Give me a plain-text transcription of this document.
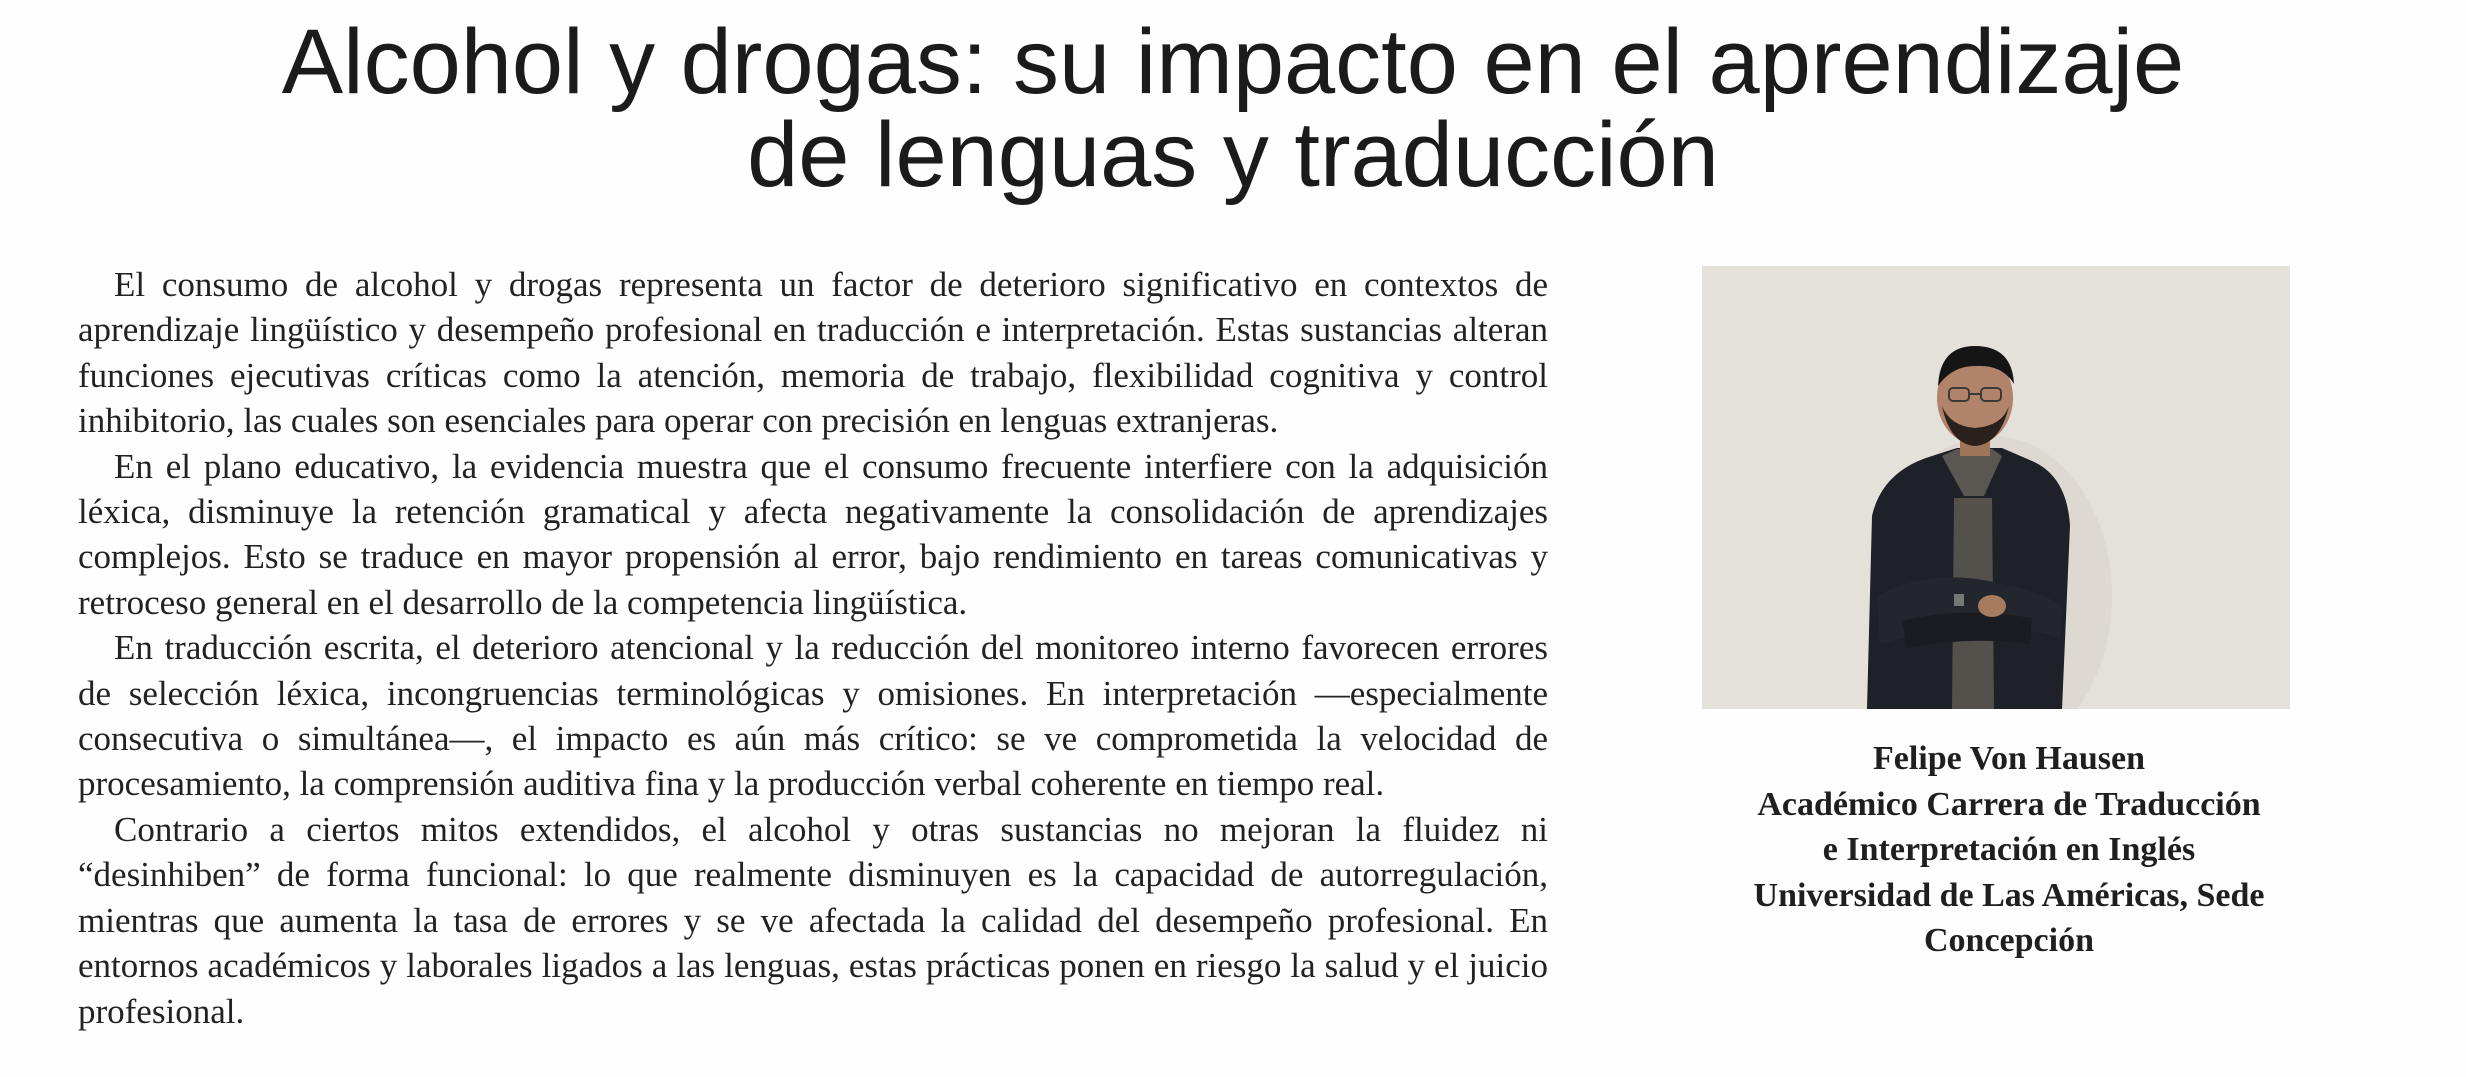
Alcohol y drogas: su impacto en el aprendizaje
de lenguas y traducción

El consumo de alcohol y drogas representa un factor de deterioro significativo en contextos de aprendizaje lingüístico y desempeño profesional en traducción e interpretación. Estas sustancias alteran funciones ejecutivas críticas como la atención, memoria de trabajo, flexibilidad cognitiva y control inhibitorio, las cuales son esenciales para operar con precisión en lenguas extranjeras.

En el plano educativo, la evidencia muestra que el consumo frecuente interfiere con la adquisición léxica, disminuye la retención gramatical y afecta negativamente la consolidación de aprendizajes complejos. Esto se traduce en mayor propensión al error, bajo rendimiento en tareas comunicativas y retroceso general en el desarrollo de la competencia lingüística.

En traducción escrita, el deterioro atencional y la reducción del monitoreo interno favorecen errores de selección léxica, incongruencias terminológicas y omisiones. En interpretación —especialmente consecutiva o simultánea—, el impacto es aún más crítico: se ve comprometida la velocidad de procesamiento, la comprensión auditiva fina y la producción verbal coherente en tiempo real.

Contrario a ciertos mitos extendidos, el alcohol y otras sustancias no mejoran la fluidez ni “desinhiben” de forma funcional: lo que realmente disminuyen es la capacidad de autorregulación, mientras que aumenta la tasa de errores y se ve afectada la calidad del desempeño profesional. En entornos académicos y laborales ligados a las lenguas, estas prácticas ponen en riesgo la salud y el juicio profesional.

Felipe Von Hausen
Académico Carrera de Traducción
e Interpretación en Inglés
Universidad de Las Américas, Sede
Concepción
